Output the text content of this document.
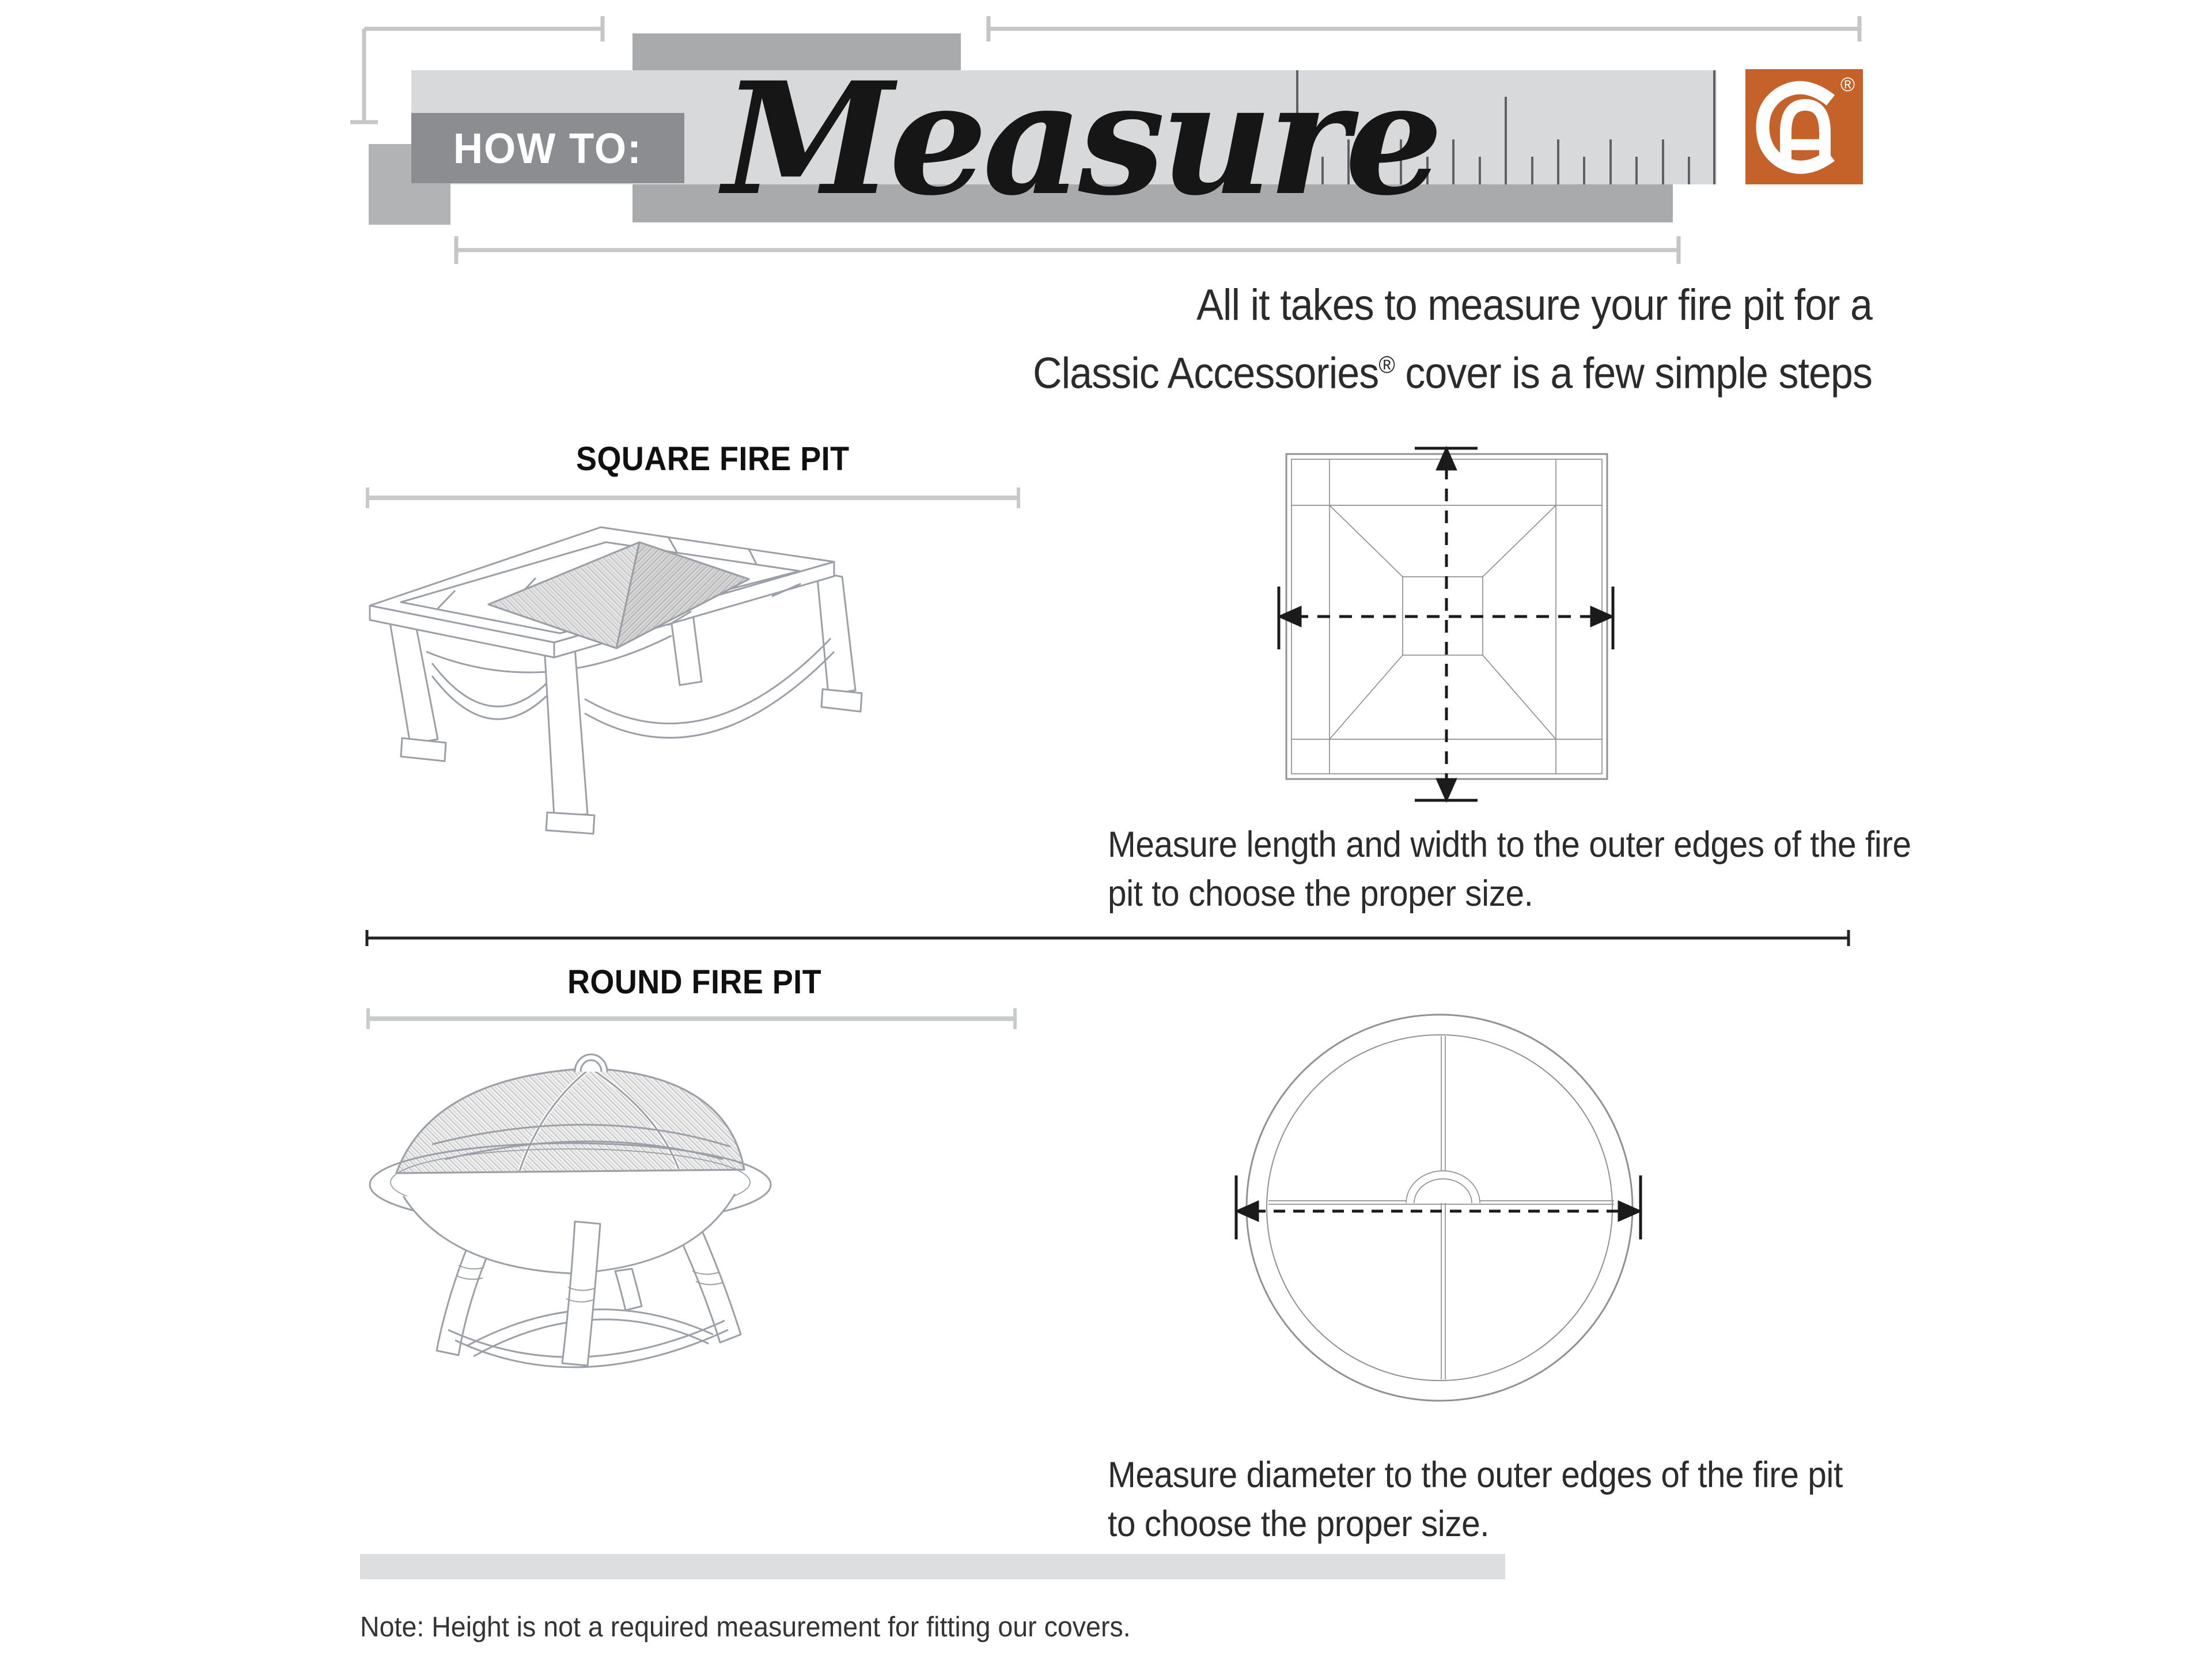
HOW TO: Measure	®
All it takes to measure your fire pit for a
Classic Accessories® cover is a few simple steps
SQUARE FIRE PIT
Measure length and width to the outer edges of the fire
pit to choose the proper size.
ROUND FIRE PIT
Measure diameter to the outer edges of the fire pit
to choose the proper size.
Note: Height is not a required measurement for fitting our covers.
